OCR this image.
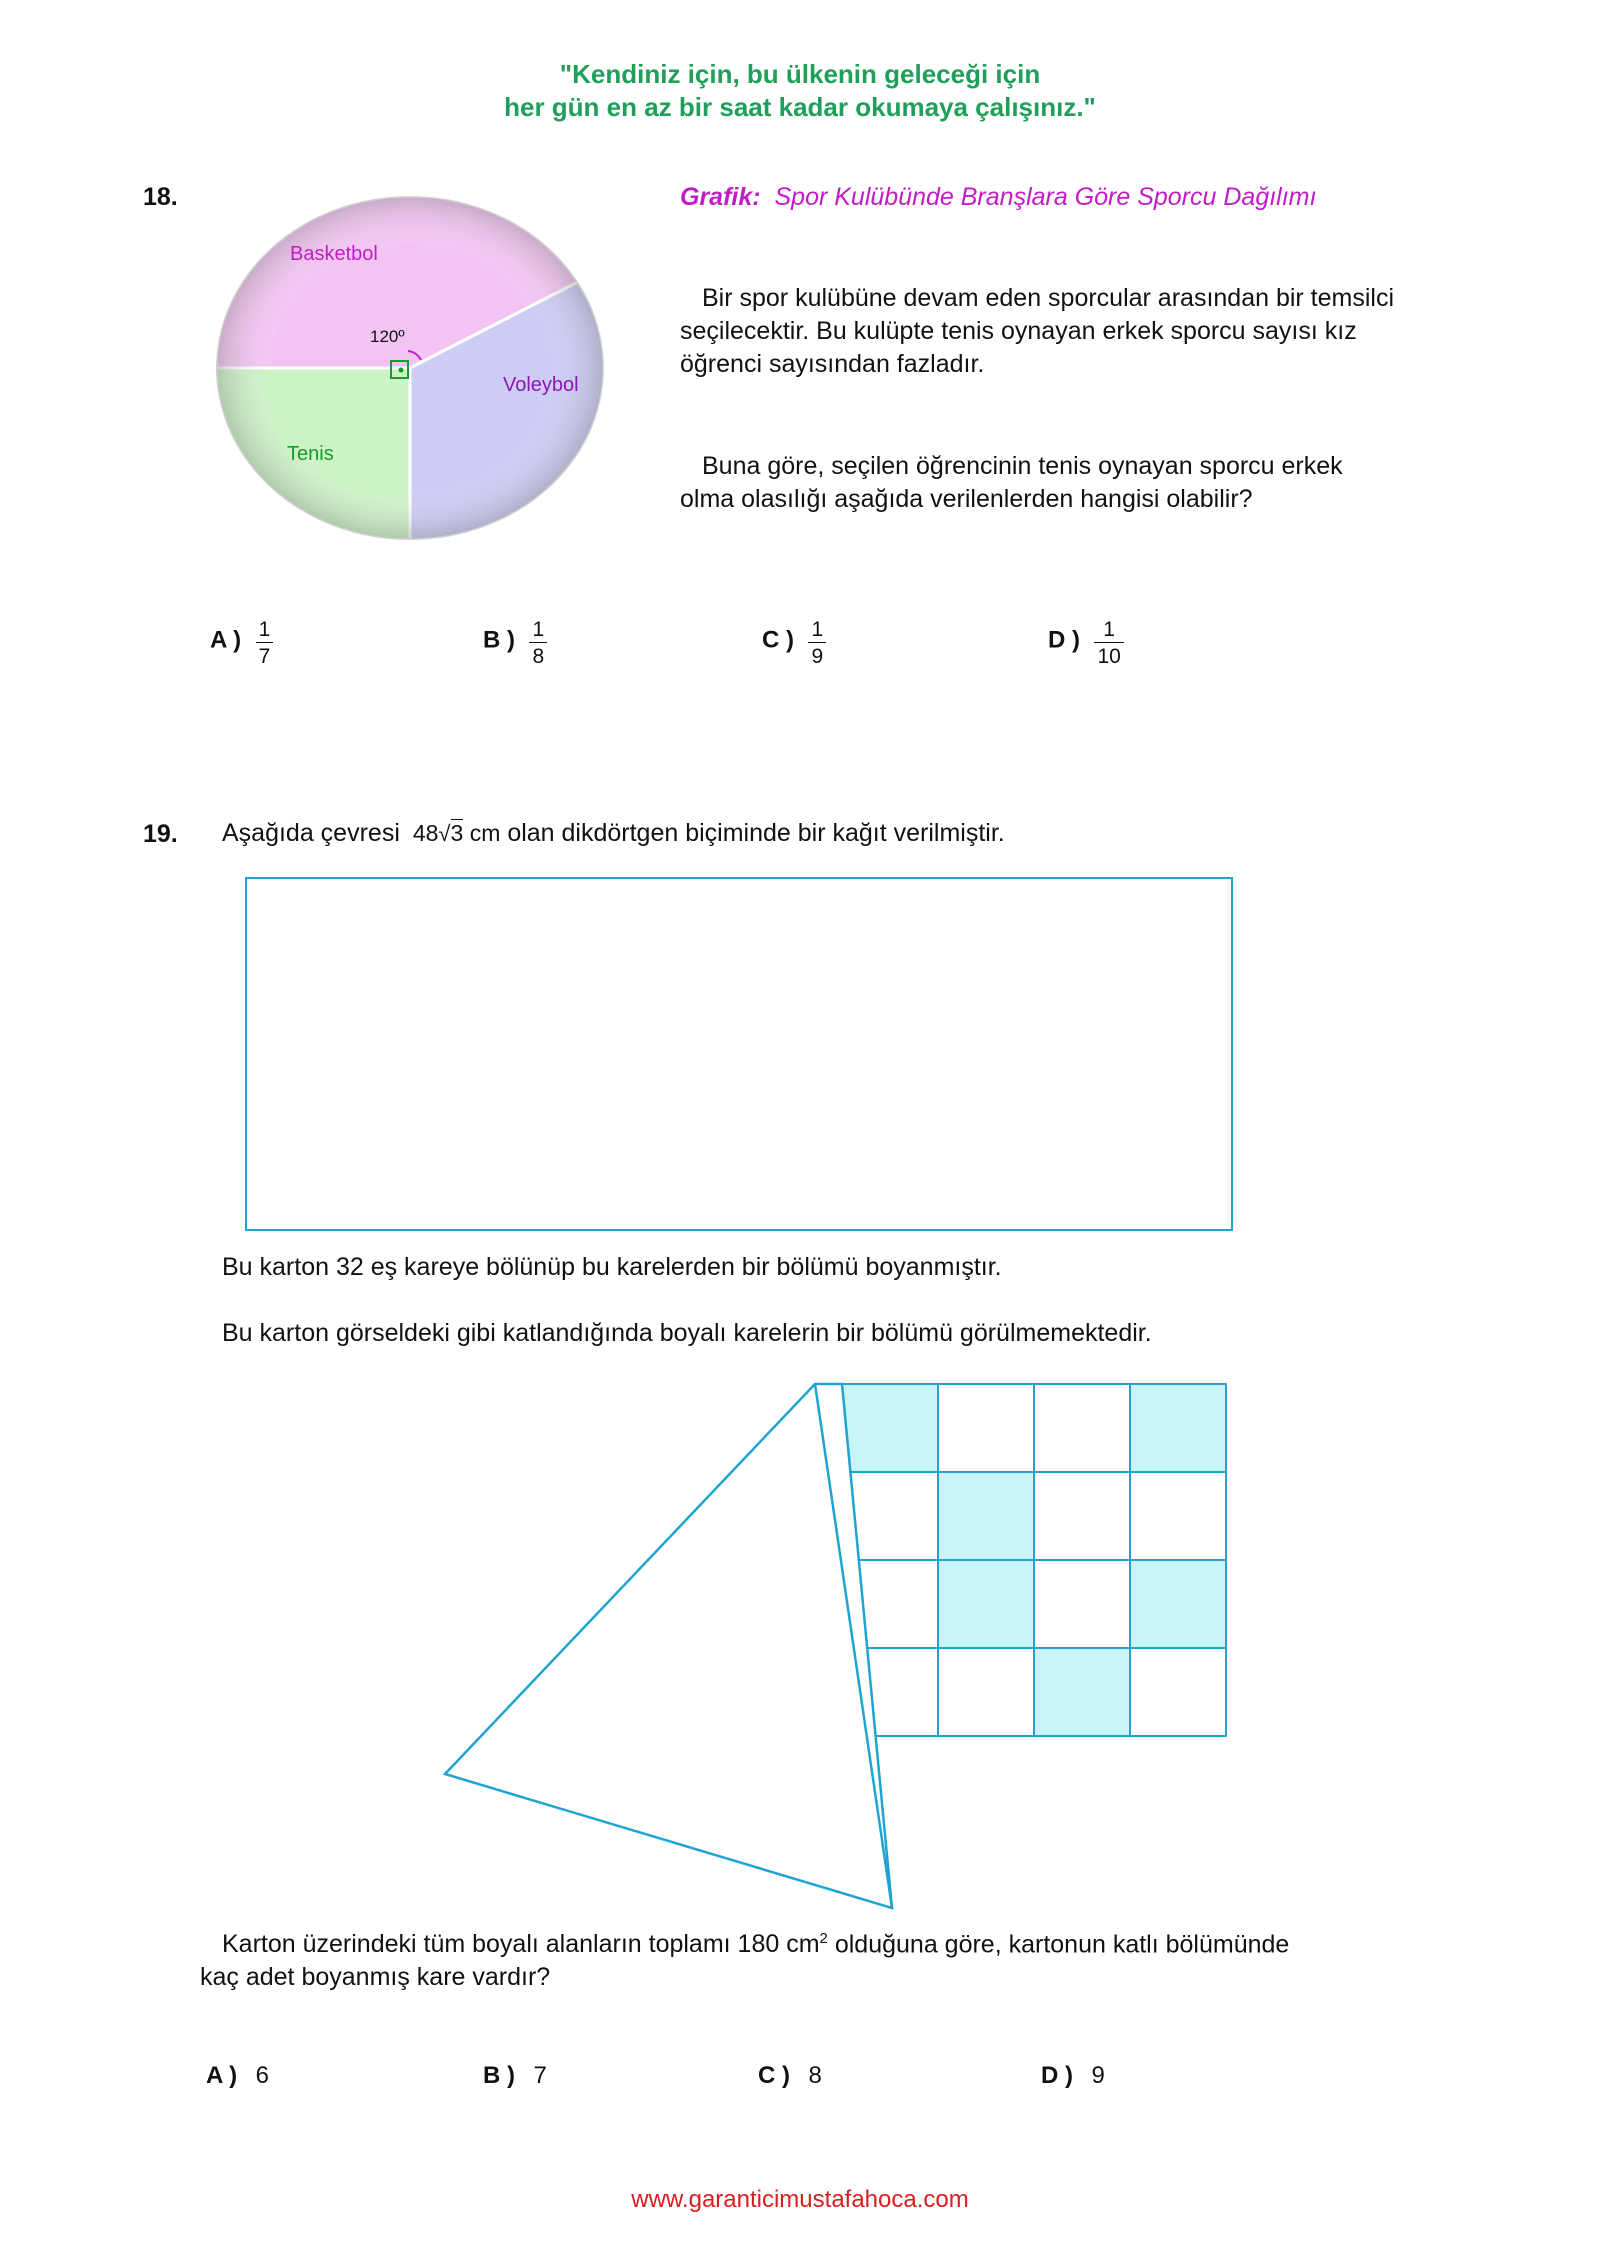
"Kendiniz için, bu ülkenin geleceği için
her gün en az bir saat kadar okumaya çalışınız."
18.
120º
Basketbol
Voleybol
Tenis
Grafik: Spor Kulübünde Branşlara Göre Sporcu Dağılımı
Bir spor kulübüne devam eden sporcular arasından bir temsilci seçilecektir. Bu kulüpte tenis oynayan erkek sporcu sayısı kız öğrenci sayısından fazladır.
Buna göre, seçilen öğrencinin tenis oynayan sporcu erkek olma olasılığı aşağıda verilenlerden hangisi olabilir?
A ) $\frac{1}{7}$	B ) $\frac{1}{8}$	C ) $\frac{1}{9}$	D ) $\frac{1}{10}$
19. Aşağıda çevresi 48√3 cm olan dikdörtgen biçiminde bir kağıt verilmiştir.
Bu karton 32 eş kareye bölünüp bu karelerden bir bölümü boyanmıştır.
Bu karton görseldeki gibi katlandığında boyalı karelerin bir bölümü görülmemektedir.
Karton üzerindeki tüm boyalı alanların toplamı 180 $cm^2$ olduğuna göre, kartonun katlı bölümünde
kaç adet boyanmış kare vardır?
A ) 6	B ) 7	C ) 8	D ) 9
www.garanticimustafahoca.com
